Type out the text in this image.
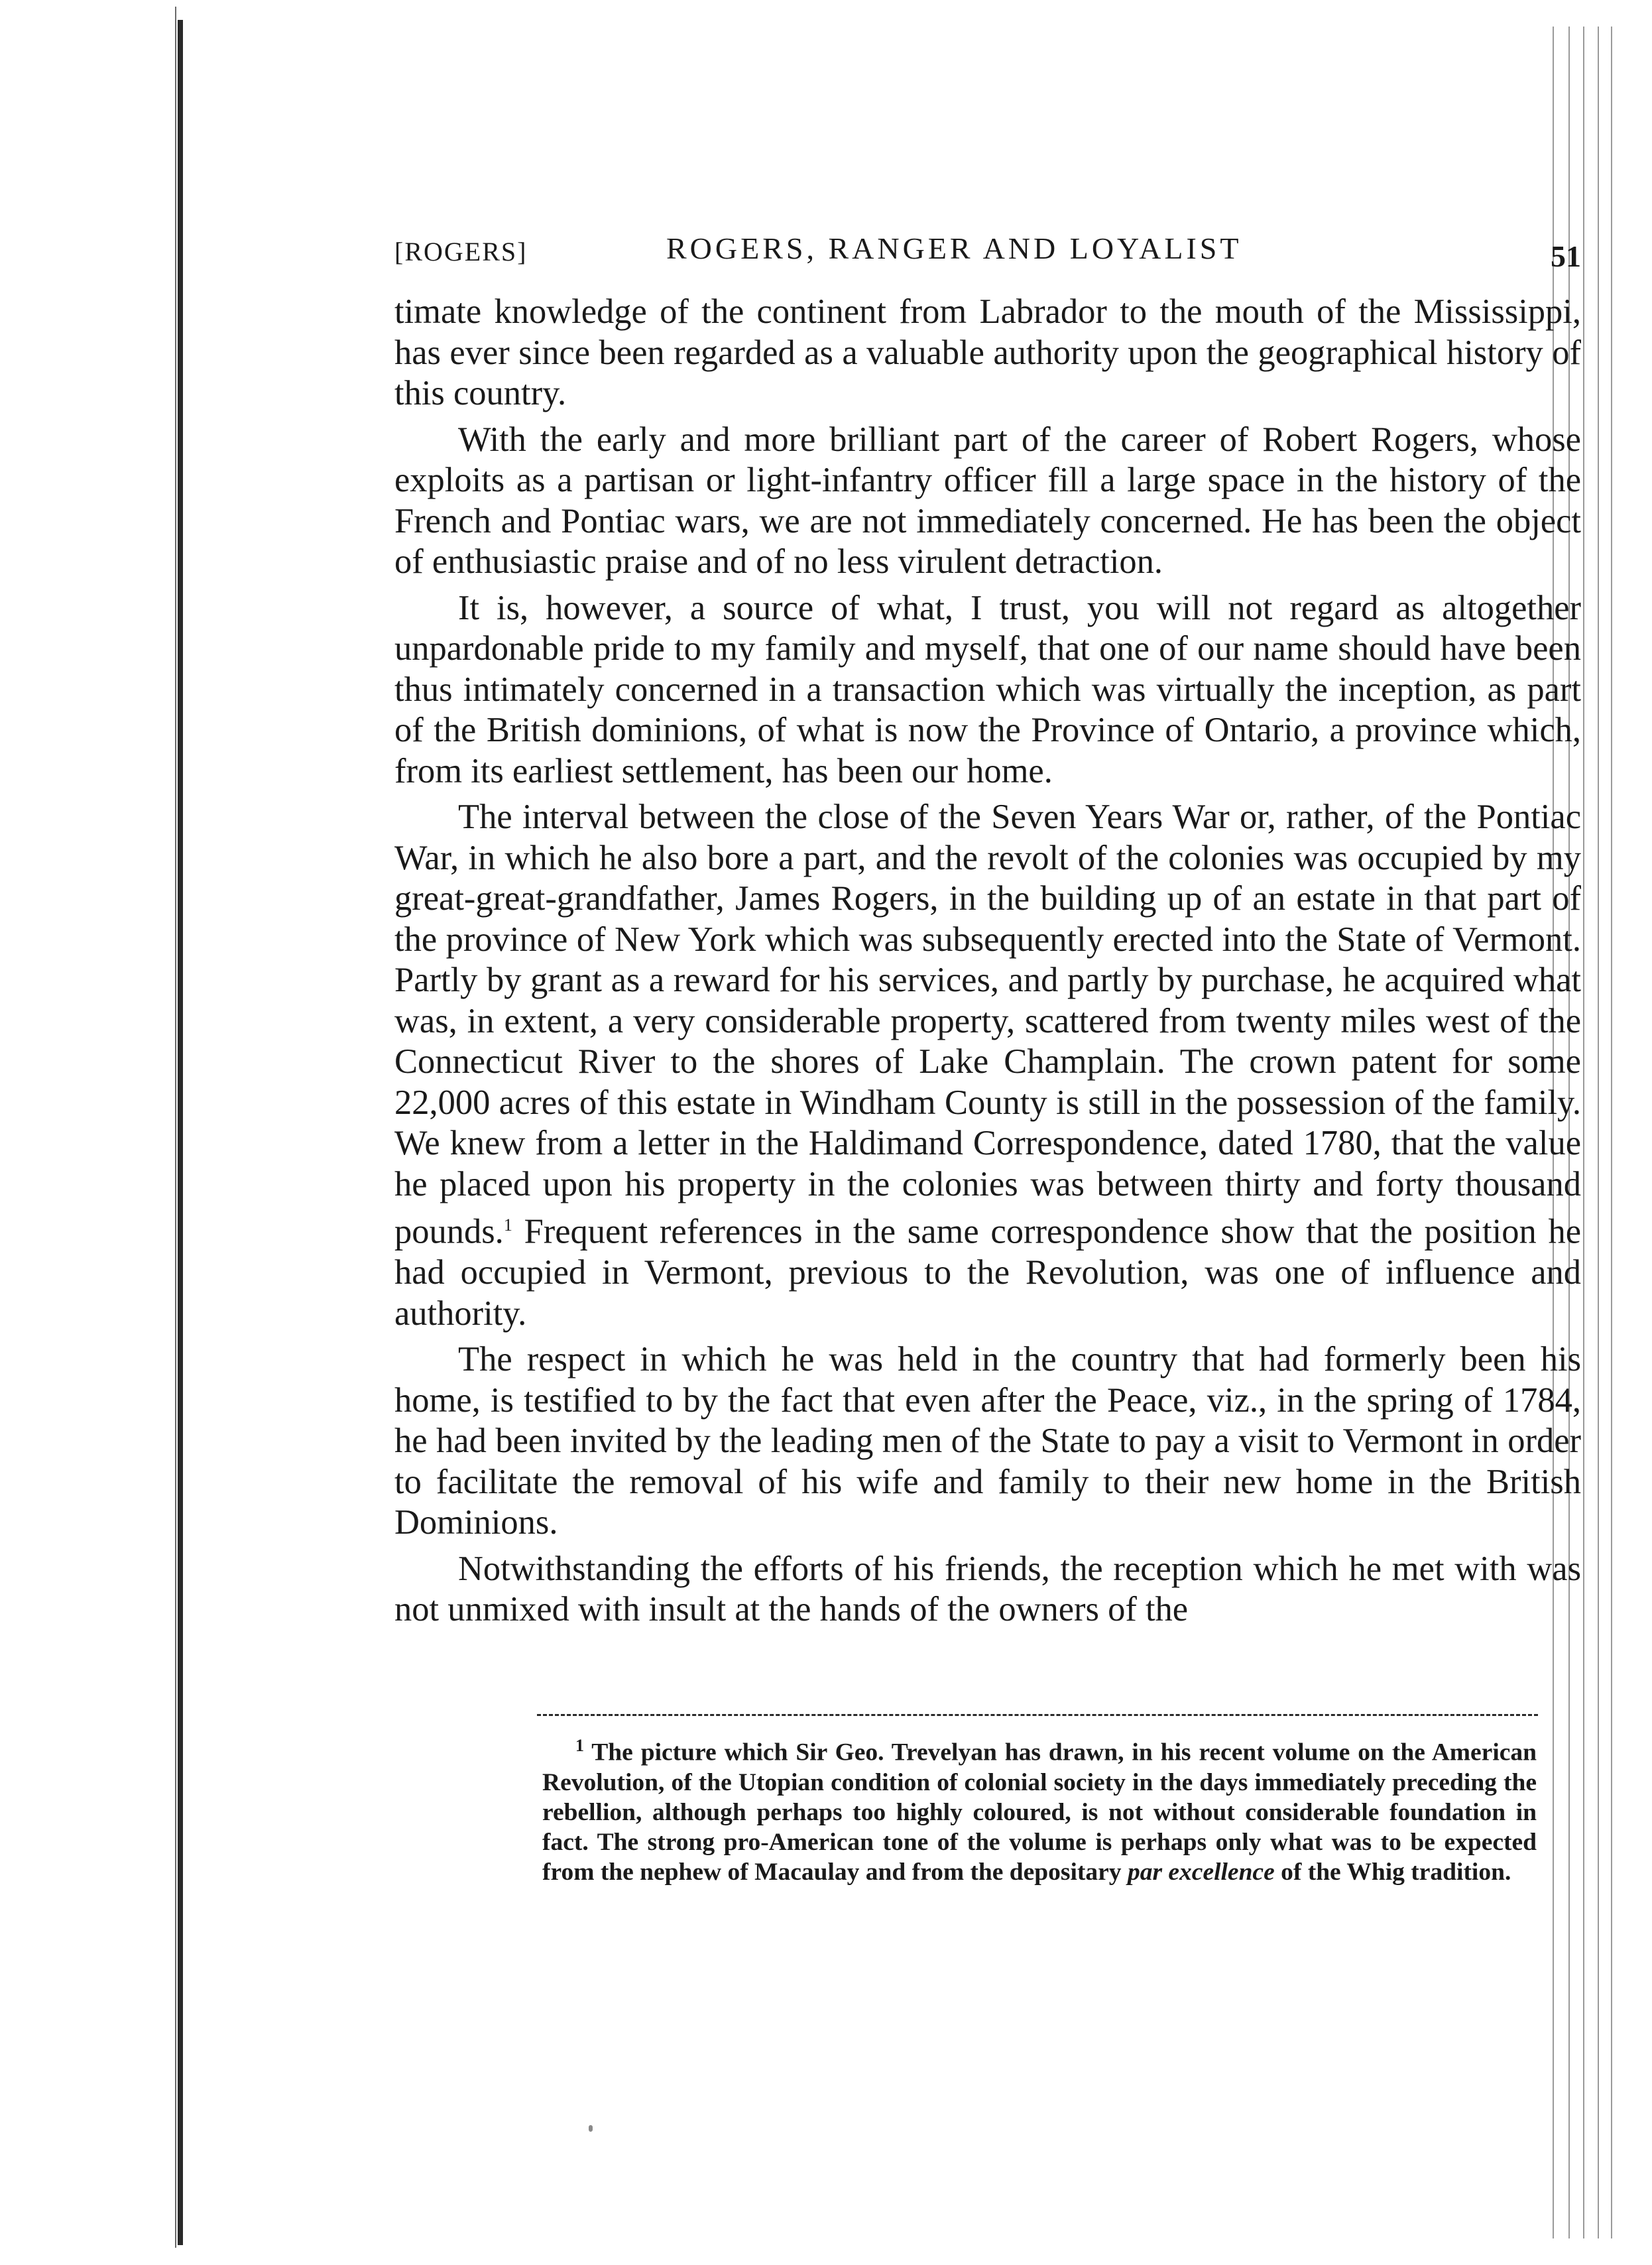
[ROGERS]	ROGERS, RANGER AND LOYALIST	51

timate knowledge of the continent from Labrador to the mouth of the Mississippi, has ever since been regarded as a valuable authority upon the geographical history of this country.

With the early and more brilliant part of the career of Robert Rogers, whose exploits as a partisan or light-infantry officer fill a large space in the history of the French and Pontiac wars, we are not immediately concerned. He has been the object of enthusiastic praise and of no less virulent detraction.

It is, however, a source of what, I trust, you will not regard as altogether unpardonable pride to my family and myself, that one of our name should have been thus intimately concerned in a transaction which was virtually the inception, as part of the British dominions, of what is now the Province of Ontario, a province which, from its earliest settlement, has been our home.

The interval between the close of the Seven Years War or, rather, of the Pontiac War, in which he also bore a part, and the revolt of the colonies was occupied by my great-great-grandfather, James Rogers, in the building up of an estate in that part of the province of New York which was subsequently erected into the State of Vermont. Partly by grant as a reward for his services, and partly by purchase, he acquired what was, in extent, a very considerable property, scattered from twenty miles west of the Connecticut River to the shores of Lake Champlain. The crown patent for some 22,000 acres of this estate in Windham County is still in the possession of the family. We knew from a letter in the Haldimand Correspondence, dated 1780, that the value he placed upon his property in the colonies was between thirty and forty thousand pounds.$^1$ Frequent references in the same correspondence show that the position he had occupied in Vermont, previous to the Revolution, was one of influence and authority.

The respect in which he was held in the country that had formerly been his home, is testified to by the fact that even after the Peace, viz., in the spring of 1784, he had been invited by the leading men of the State to pay a visit to Vermont in order to facilitate the removal of his wife and family to their new home in the British Dominions.

Notwithstanding the efforts of his friends, the reception which he met with was not unmixed with insult at the hands of the owners of the

$^1$ The picture which Sir Geo. Trevelyan has drawn, in his recent volume on the American Revolution, of the Utopian condition of colonial society in the days immediately preceding the rebellion, although perhaps too highly coloured, is not without considerable foundation in fact. The strong pro-American tone of the volume is perhaps only what was to be expected from the nephew of Macaulay and from the depositary par excellence of the Whig tradition.
